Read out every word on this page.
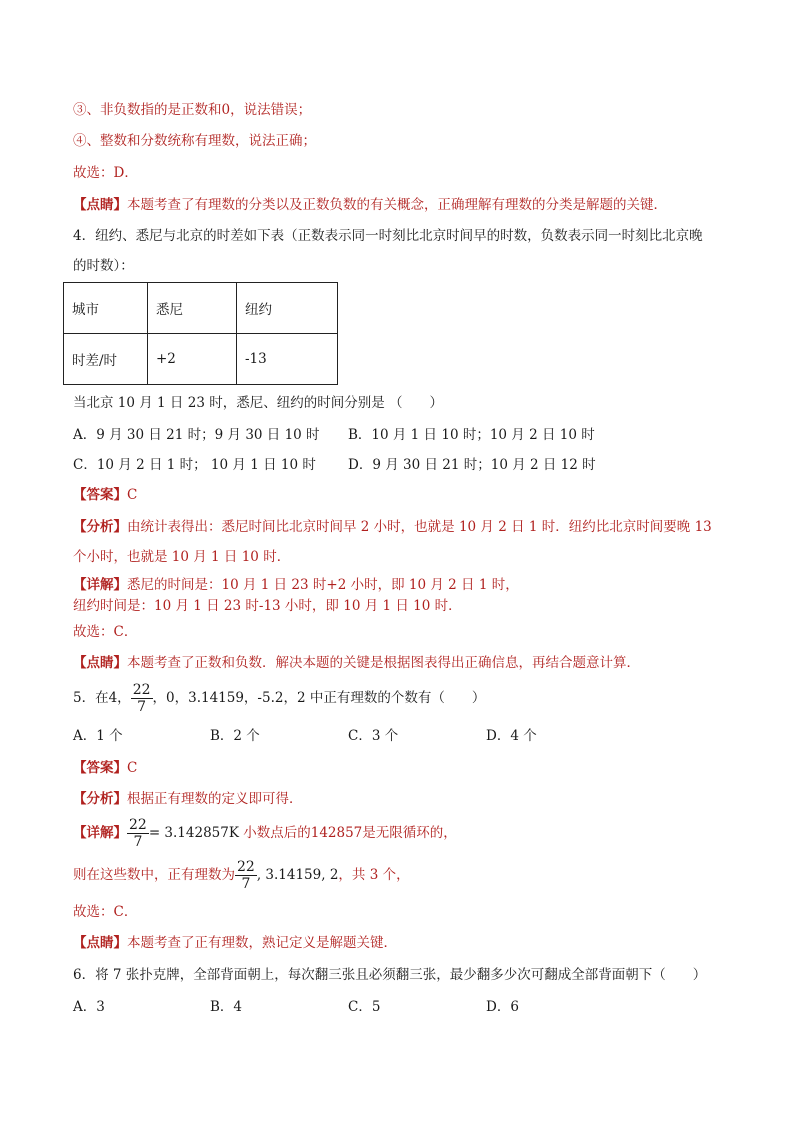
③、非负数指的是正数和0，说法错误；
④、整数和分数统称有理数，说法正确；
故选：D．
【点睛】本题考查了有理数的分类以及正数负数的有关概念，正确理解有理数的分类是解题的关键．
4．纽约、悉尼与北京的时差如下表（正数表示同一时刻比北京时间早的时数，负数表示同一时刻比北京晚
的时数）：
城市	悉尼	纽约
时差/时	+2	-13
当北京 10 月 1 日 23 时，悉尼、纽约的时间分别是 （　　）
A．9 月 30 日 21 时；9 月 30 日 10 时 B．10 月 1 日 10 时；10 月 2 日 10 时
C．10 月 2 日 1 时； 10 月 1 日 10 时 D．9 月 30 日 21 时；10 月 2 日 12 时
【答案】C
【分析】由统计表得出：悉尼时间比北京时间早 2 小时，也就是 10 月 2 日 1 时．纽约比北京时间要晚 13
个小时，也就是 10 月 1 日 10 时．
【详解】悉尼的时间是：10 月 1 日 23 时+2 小时，即 10 月 2 日 1 时，
纽约时间是：10 月 1 日 23 时-13 小时，即 10 月 1 日 10 时．
故选：C．
【点睛】本题考查了正数和负数．解决本题的关键是根据图表得出正确信息，再结合题意计算．
5．在4， $\frac{22}{7}$ ，0，3.14159，-5.2，2 中正有理数的个数有（　　）
A．1 个	B．2 个	C．3 个	D．4 个
【答案】C
【分析】根据正有理数的定义即可得．
【详解】 $\frac{22}{7} = 3.142857K$ 小数点后的142857是无限循环的，
则在这些数中，正有理数为 $\frac{22}{7}$ , 3.14159, 2，共 3 个，
故选：C．
【点睛】本题考查了正有理数，熟记定义是解题关键．
6．将 7 张扑克牌，全部背面朝上，每次翻三张且必须翻三张，最少翻多少次可翻成全部背面朝下（　　）
A．3	B．4	C．5	D．6
